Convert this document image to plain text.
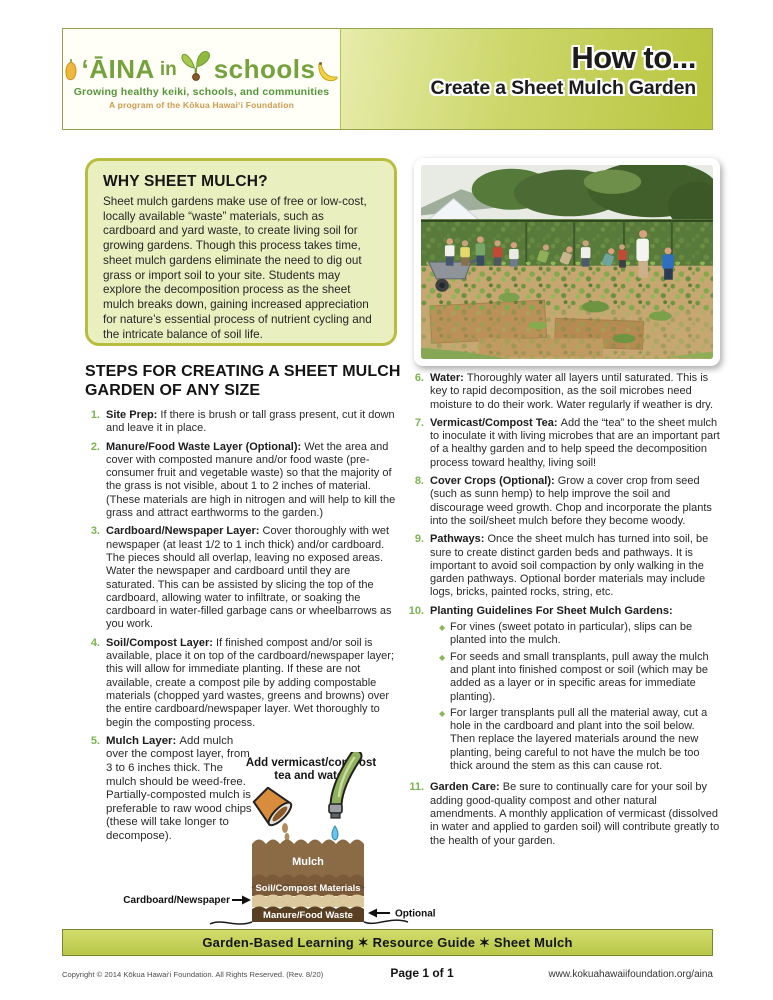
‘ĀINA in schools
Growing healthy keiki, schools, and communities
A program of the Kōkua Hawai‘i Foundation
How to...
Create a Sheet Mulch Garden
WHY SHEET MULCH?
Sheet mulch gardens make use of free or low-cost, locally available “waste” materials, such as cardboard and yard waste, to create living soil for growing gardens. Though this process takes time, sheet mulch gardens eliminate the need to dig out grass or import soil to your site. Students may explore the decomposition process as the sheet mulch breaks down, gaining increased appreciation for nature’s essential process of nutrient cycling and the intricate balance of soil life.
STEPS FOR CREATING A SHEET MULCH GARDEN OF ANY SIZE
1. Site Prep: If there is brush or tall grass present, cut it down and leave it in place.
2. Manure/Food Waste Layer (Optional): Wet the area and cover with composted manure and/or food waste (pre-consumer fruit and vegetable waste) so that the majority of the grass is not visible, about 1 to 2 inches of material. (These materials are high in nitrogen and will help to kill the grass and attract earthworms to the garden.)
3. Cardboard/Newspaper Layer: Cover thoroughly with wet newspaper (at least 1/2 to 1 inch thick) and/or cardboard. The pieces should all overlap, leaving no exposed areas. Water the newspaper and cardboard until they are saturated. This can be assisted by slicing the top of the cardboard, allowing water to infiltrate, or soaking the cardboard in water-filled garbage cans or wheelbarrows as you work.
4. Soil/Compost Layer: If finished compost and/or soil is available, place it on top of the cardboard/newspaper layer; this will allow for immediate planting. If these are not available, create a compost pile by adding compostable materials (chopped yard wastes, greens and browns) over the entire cardboard/newspaper layer. Wet thoroughly to begin the composting process.
5. Mulch Layer: Add mulch over the compost layer, from 3 to 6 inches thick. The mulch should be weed-free. Partially-composted mulch is preferable to raw wood chips (these will take longer to decompose).
6. Water: Thoroughly water all layers until saturated. This is key to rapid decomposition, as the soil microbes need moisture to do their work. Water regularly if weather is dry.
7. Vermicast/Compost Tea: Add the “tea” to the sheet mulch to inoculate it with living microbes that are an important part of a healthy garden and to help speed the decomposition process toward healthy, living soil!
8. Cover Crops (Optional): Grow a cover crop from seed (such as sunn hemp) to help improve the soil and discourage weed growth. Chop and incorporate the plants into the soil/sheet mulch before they become woody.
9. Pathways: Once the sheet mulch has turned into soil, be sure to create distinct garden beds and pathways. It is important to avoid soil compaction by only walking in the garden pathways. Optional border materials may include logs, bricks, painted rocks, string, etc.
10. Planting Guidelines For Sheet Mulch Gardens:
◆ For vines (sweet potato in particular), slips can be planted into the mulch.
◆ For seeds and small transplants, pull away the mulch and plant into finished compost or soil (which may be added as a layer or in specific areas for immediate planting).
◆ For larger transplants pull all the material away, cut a hole in the cardboard and plant into the soil below. Then replace the layered materials around the new planting, being careful to not have the mulch be too thick around the stem as this can cause rot.
11. Garden Care: Be sure to continually care for your soil by adding good-quality compost and other natural amendments. A monthly application of vermicast (dissolved in water and applied to garden soil) will contribute greatly to the health of your garden.
Add vermicast/compost
tea and water
Mulch
Soil/Compost Materials
Manure/Food Waste
Cardboard/Newspaper
Optional
Garden-Based Learning ✶ Resource Guide ✶ Sheet Mulch
Copyright © 2014 Kōkua Hawai‘i Foundation. All Rights Reserved. (Rev. 8/20)	Page 1 of 1	www.kokuahawaiifoundation.org/aina
